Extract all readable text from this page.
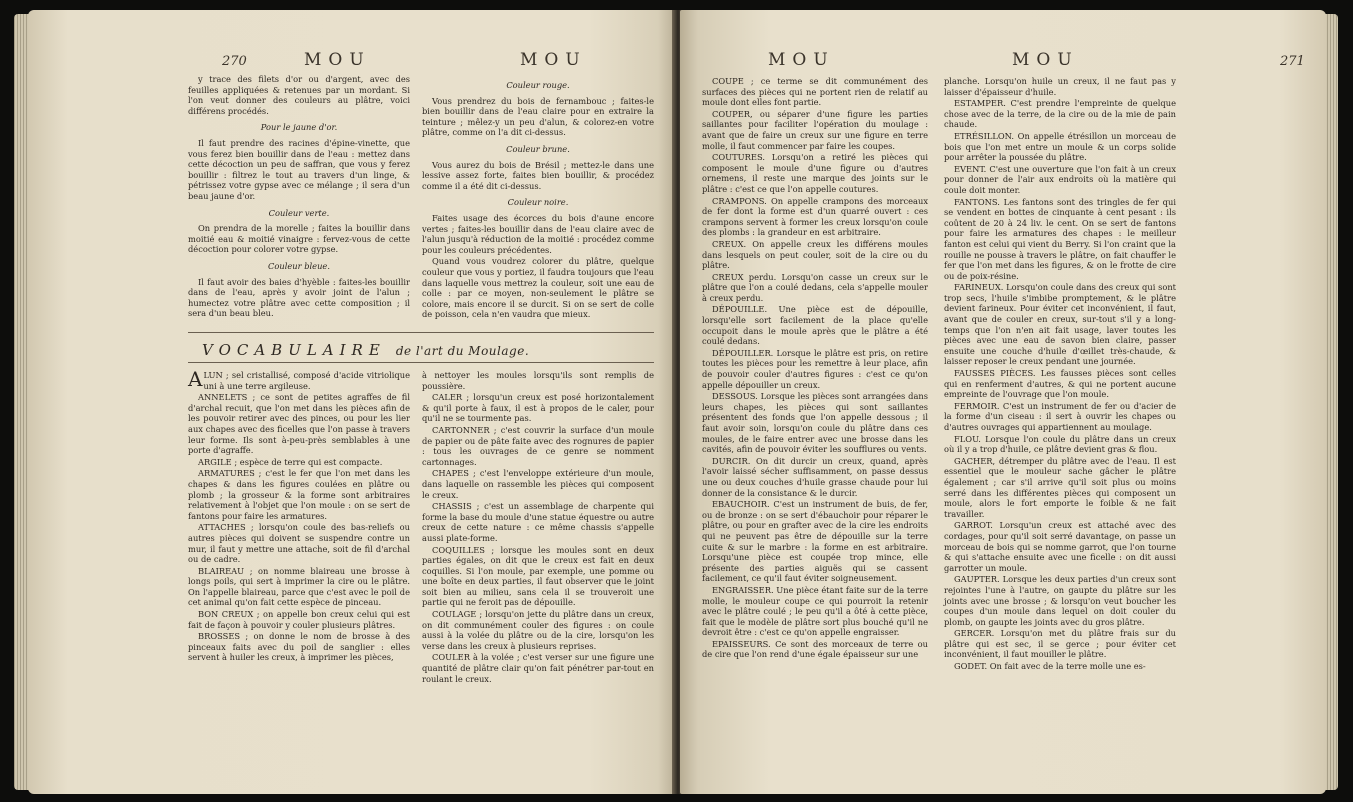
270	MOU	MOU

y trace des filets d'or ou d'argent, avec des feuilles appliquées & retenues par un mordant. Si l'on veut donner des couleurs au plâtre, voici différens procédés.

Pour le jaune d'or.

Il faut prendre des racines d'épine-vinette, que vous ferez bien bouillir dans de l'eau : mettez dans cette décoction un peu de saffran, que vous y ferez bouillir : filtrez le tout au travers d'un linge, & pétrissez votre gypse avec ce mélange ; il sera d'un beau jaune d'or.

Couleur verte.

On prendra de la morelle ; faites la bouillir dans moitié eau & moitié vinaigre : fervez-vous de cette décoction pour colorer votre gypse.

Couleur bleue.

Il faut avoir des baies d'hyèble : faites-les bouillir dans de l'eau, après y avoir joint de l'alun ; humectez votre plâtre avec cette composition ; il sera d'un beau bleu.

Couleur rouge.

Vous prendrez du bois de fernambouc ; faites-le bien bouillir dans de l'eau claire pour en extraire la teinture ; mêlez-y un peu d'alun, & colorez-en votre plâtre, comme on l'a dit ci-dessus.

Couleur brune.

Vous aurez du bois de Brésil ; mettez-le dans une lessive assez forte, faites bien bouillir, & procédez comme il a été dit ci-dessus.

Couleur noire.

Faites usage des écorces du bois d'aune encore vertes ; faites-les bouillir dans de l'eau claire avec de l'alun jusqu'à réduction de la moitié : procédez comme pour les couleurs précédentes.

Quand vous voudrez colorer du plâtre, quelque couleur que vous y portiez, il faudra toujours que l'eau dans laquelle vous mettrez la couleur, soit une eau de colle : par ce moyen, non-seulement le plâtre se colore, mais encore il se durcit. Si on se sert de colle de poisson, cela n'en vaudra que mieux.

VOCABULAIRE de l'art du Moulage.

ALUN ; sel cristallisé, composé d'acide vitriolique uni à une terre argileuse.

ANNELETS ; ce sont de petites agraffes de fil d'archal recuit, que l'on met dans les pièces afin de les pouvoir retirer avec des pinces, ou pour les lier aux chapes avec des ficelles que l'on passe à travers leur forme. Ils sont à-peu-près semblables à une porte d'agraffe.

ARGILE ; espèce de terre qui est compacte.

ARMATURES ; c'est le fer que l'on met dans les chapes & dans les figures coulées en plâtre ou plomb ; la grosseur & la forme sont arbitraires relativement à l'objet que l'on moule : on se sert de fantons pour faire les armatures.

ATTACHES ; lorsqu'on coule des bas-reliefs ou autres pièces qui doivent se suspendre contre un mur, il faut y mettre une attache, soit de fil d'archal ou de cadre.

BLAIREAU ; on nomme blaireau une brosse à longs poils, qui sert à imprimer la cire ou le plâtre. On l'appelle blaireau, parce que c'est avec le poil de cet animal qu'on fait cette espèce de pinceau.

BON CREUX ; on appelle bon creux celui qui est fait de façon à pouvoir y couler plusieurs plâtres.

BROSSES ; on donne le nom de brosse à des pinceaux faits avec du poil de sanglier : elles servent à huiler les creux, à imprimer les pièces,

à nettoyer les moules lorsqu'ils sont remplis de poussière.

CALER ; lorsqu'un creux est posé horizontalement & qu'il porte à faux, il est à propos de le caler, pour qu'il ne se tourmente pas.

CARTONNER ; c'est couvrir la surface d'un moule de papier ou de pâte faite avec des rognures de papier : tous les ouvrages de ce genre se nomment cartonnages.

CHAPES ; c'est l'enveloppe extérieure d'un moule, dans laquelle on rassemble les pièces qui composent le creux.

CHASSIS ; c'est un assemblage de charpente qui forme la base du moule d'une statue équestre ou autre creux de cette nature : ce même chassis s'appelle aussi plate-forme.

COQUILLES ; lorsque les moules sont en deux parties égales, on dit que le creux est fait en deux coquilles. Si l'on moule, par exemple, une pomme ou une boîte en deux parties, il faut observer que le joint soit bien au milieu, sans cela il se trouveroit une partie qui ne feroit pas de dépouille.

COULAGE ; lorsqu'on jette du plâtre dans un creux, on dit communément couler des figures : on coule aussi à la volée du plâtre ou de la cire, lorsqu'on les verse dans les creux à plusieurs reprises.

COULER à la volée ; c'est verser sur une figure une quantité de plâtre clair qu'on fait pénétrer par-tout en roulant le creux.

MOU	MOU	271

COUPE ; ce terme se dit communément des surfaces des pièces qui ne portent rien de relatif au moule dont elles font partie.

COUPER, ou séparer d'une figure les parties saillantes pour faciliter l'opération du moulage : avant que de faire un creux sur une figure en terre molle, il faut commencer par faire les coupes.

COUTURES. Lorsqu'on a retiré les pièces qui composent le moule d'une figure ou d'autres ornemens, il reste une marque des joints sur le plâtre : c'est ce que l'on appelle coutures.

CRAMPONS. On appelle crampons des morceaux de fer dont la forme est d'un quarré ouvert : ces crampons servent à former les creux lorsqu'on coule des plombs : la grandeur en est arbitraire.

CREUX. On appelle creux les différens moules dans lesquels on peut couler, soit de la cire ou du plâtre.

CREUX perdu. Lorsqu'on casse un creux sur le plâtre que l'on a coulé dedans, cela s'appelle mouler à creux perdu.

DÉPOUILLE. Une pièce est de dépouille, lorsqu'elle sort facilement de la place qu'elle occupoit dans le moule après que le plâtre a été coulé dedans.

DÉPOUILLER. Lorsque le plâtre est pris, on retire toutes les pièces pour les remettre à leur place, afin de pouvoir couler d'autres figures : c'est ce qu'on appelle dépouiller un creux.

DESSOUS. Lorsque les pièces sont arrangées dans leurs chapes, les pièces qui sont saillantes présentent des fonds que l'on appelle dessous ; il faut avoir soin, lorsqu'on coule du plâtre dans ces moules, de le faire entrer avec une brosse dans les cavités, afin de pouvoir éviter les soufflures ou vents.

DURCIR. On dit durcir un creux, quand, après l'avoir laissé sécher suffisamment, on passe dessus une ou deux couches d'huile grasse chaude pour lui donner de la consistance & le durcir.

EBAUCHOIR. C'est un instrument de buis, de fer, ou de bronze : on se sert d'ébauchoir pour réparer le plâtre, ou pour en grafter avec de la cire les endroits qui ne peuvent pas être de dépouille sur la terre cuite & sur le marbre : la forme en est arbitraire. Lorsqu'une pièce est coupée trop mince, elle présente des parties aiguës qui se cassent facilement, ce qu'il faut éviter soigneusement.

ENGRAISSER. Une pièce étant faite sur de la terre molle, le mouleur coupe ce qui pourroit la retenir avec le plâtre coulé ; le peu qu'il a ôté à cette pièce, fait que le modèle de plâtre sort plus bouché qu'il ne devroit être : c'est ce qu'on appelle engraisser.

EPAISSEURS. Ce sont des morceaux de terre ou de cire que l'on rend d'une égale épaisseur sur une

planche. Lorsqu'on huile un creux, il ne faut pas y laisser d'épaisseur d'huile.

ESTAMPER. C'est prendre l'empreinte de quelque chose avec de la terre, de la cire ou de la mie de pain chaude.

ETRÉSILLON. On appelle étrésillon un morceau de bois que l'on met entre un moule & un corps solide pour arrêter la poussée du plâtre.

EVENT. C'est une ouverture que l'on fait à un creux pour donner de l'air aux endroits où la matière qui coule doit monter.

FANTONS. Les fantons sont des tringles de fer qui se vendent en bottes de cinquante à cent pesant : ils coûtent de 20 à 24 liv. le cent. On se sert de fantons pour faire les armatures des chapes : le meilleur fanton est celui qui vient du Berry. Si l'on craint que la rouille ne pousse à travers le plâtre, on fait chauffer le fer que l'on met dans les figures, & on le frotte de cire ou de poix-résine.

FARINEUX. Lorsqu'on coule dans des creux qui sont trop secs, l'huile s'imbibe promptement, & le plâtre devient farineux. Pour éviter cet inconvénient, il faut, avant que de couler en creux, sur-tout s'il y a long-temps que l'on n'en ait fait usage, laver toutes les pièces avec une eau de savon bien claire, passer ensuite une couche d'huile d'œillet très-chaude, & laisser reposer le creux pendant une journée.

FAUSSES PIÈCES. Les fausses pièces sont celles qui en renferment d'autres, & qui ne portent aucune empreinte de l'ouvrage que l'on moule.

FERMOIR. C'est un instrument de fer ou d'acier de la forme d'un ciseau : il sert à ouvrir les chapes ou d'autres ouvrages qui appartiennent au moulage.

FLOU. Lorsque l'on coule du plâtre dans un creux où il y a trop d'huile, ce plâtre devient gras & flou.

GACHER, détremper du plâtre avec de l'eau. Il est essentiel que le mouleur sache gâcher le plâtre également ; car s'il arrive qu'il soit plus ou moins serré dans les différentes pièces qui composent un moule, alors le fort emporte le foible & ne fait travailler.

GARROT. Lorsqu'un creux est attaché avec des cordages, pour qu'il soit serré davantage, on passe un morceau de bois qui se nomme garrot, que l'on tourne & qui s'attache ensuite avec une ficelle : on dit aussi garrotter un moule.

GAUPTER. Lorsque les deux parties d'un creux sont rejointes l'une à l'autre, on gaupte du plâtre sur les joints avec une brosse ; & lorsqu'on veut boucher les coupes d'un moule dans lequel on doit couler du plomb, on gaupte les joints avec du gros plâtre.

GERCER. Lorsqu'on met du plâtre frais sur du plâtre qui est sec, il se gerce ; pour éviter cet inconvénient, il faut mouiller le plâtre.

GODET. On fait avec de la terre molle une es-
